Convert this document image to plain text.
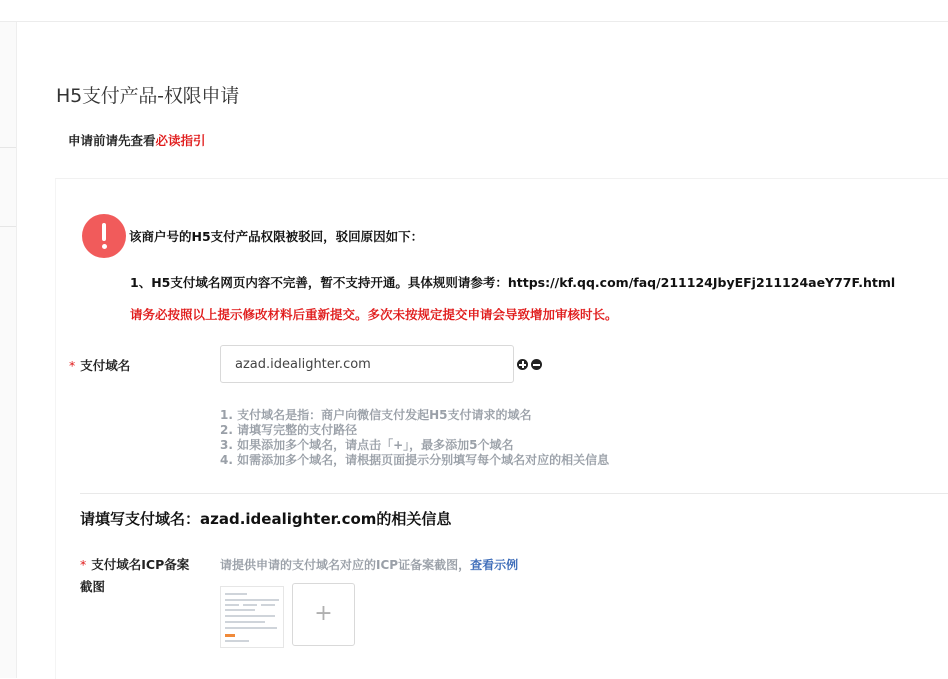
H5支付产品-权限申请
申请前请先查看必读指引
该商户号的H5支付产品权限被驳回，驳回原因如下：
1、H5支付域名网页内容不完善，暂不支持开通。具体规则请参考：https://kf.qq.com/faq/211124JbyEFj211124aeY77F.html
请务必按照以上提示修改材料后重新提交。多次未按规定提交申请会导致增加审核时长。
* 支付域名
azad.idealighter.com
1. 支付域名是指：商户向微信支付发起H5支付请求的域名
2. 请填写完整的支付路径
3. 如果添加多个域名，请点击「+」，最多添加5个域名
4. 如需添加多个域名，请根据页面提示分别填写每个域名对应的相关信息
请填写支付域名：azad.idealighter.com的相关信息
* 支付域名ICP备案
截图
请提供申请的支付域名对应的ICP证备案截图，查看示例
+
